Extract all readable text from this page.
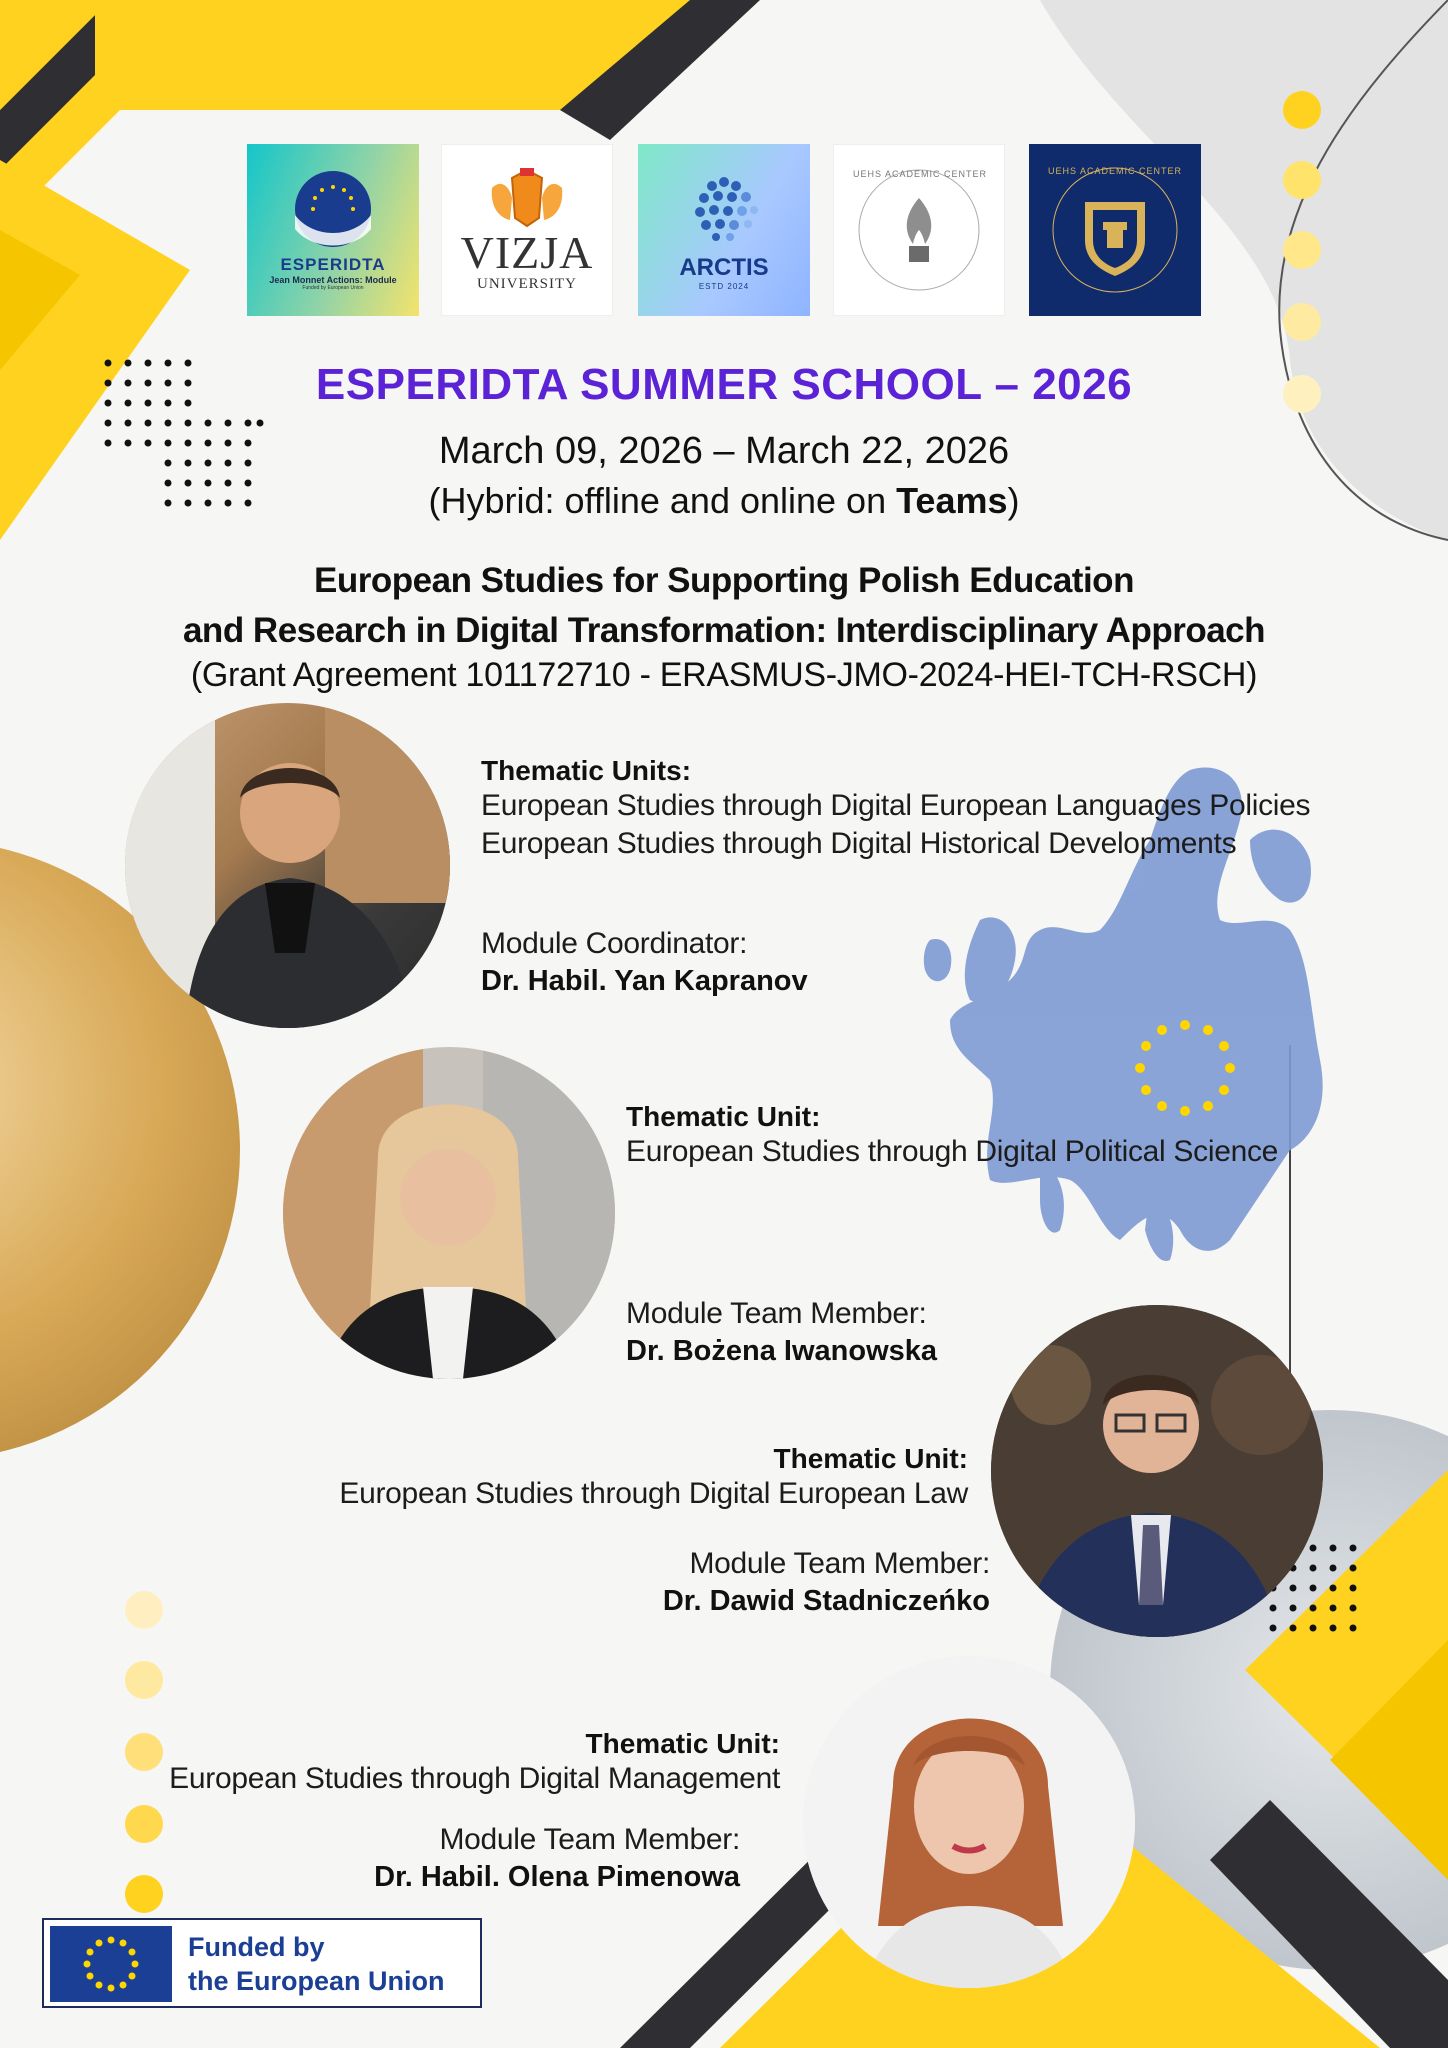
ESPERIDTA
Jean Monnet Actions: Module
Funded by European Union
VIZJA
UNIVERSITY
ARCTIS
ESTD 2024
UEHS ACADEMIC CENTER	UEHS ACADEMIC CENTER
ESPERIDTA SUMMER SCHOOL – 2026
March 09, 2026 – March 22, 2026
(Hybrid: offline and online on Teams)
European Studies for Supporting Polish Education
and Research in Digital Transformation: Interdisciplinary Approach
(Grant Agreement 101172710 - ERASMUS-JMO-2024-HEI-TCH-RSCH)
Thematic Units:
European Studies through Digital European Languages Policies
European Studies through Digital Historical Developments
Module Coordinator:
Dr. Habil. Yan Kapranov
Thematic Unit:
European Studies through Digital Political Science
Module Team Member:
Dr. Bożena Iwanowska
Thematic Unit:
European Studies through Digital European Law
Module Team Member:
Dr. Dawid Stadniczeńko
Thematic Unit:
European Studies through Digital Management
Module Team Member:
Dr. Habil. Olena Pimenowa
Funded by
the European Union
